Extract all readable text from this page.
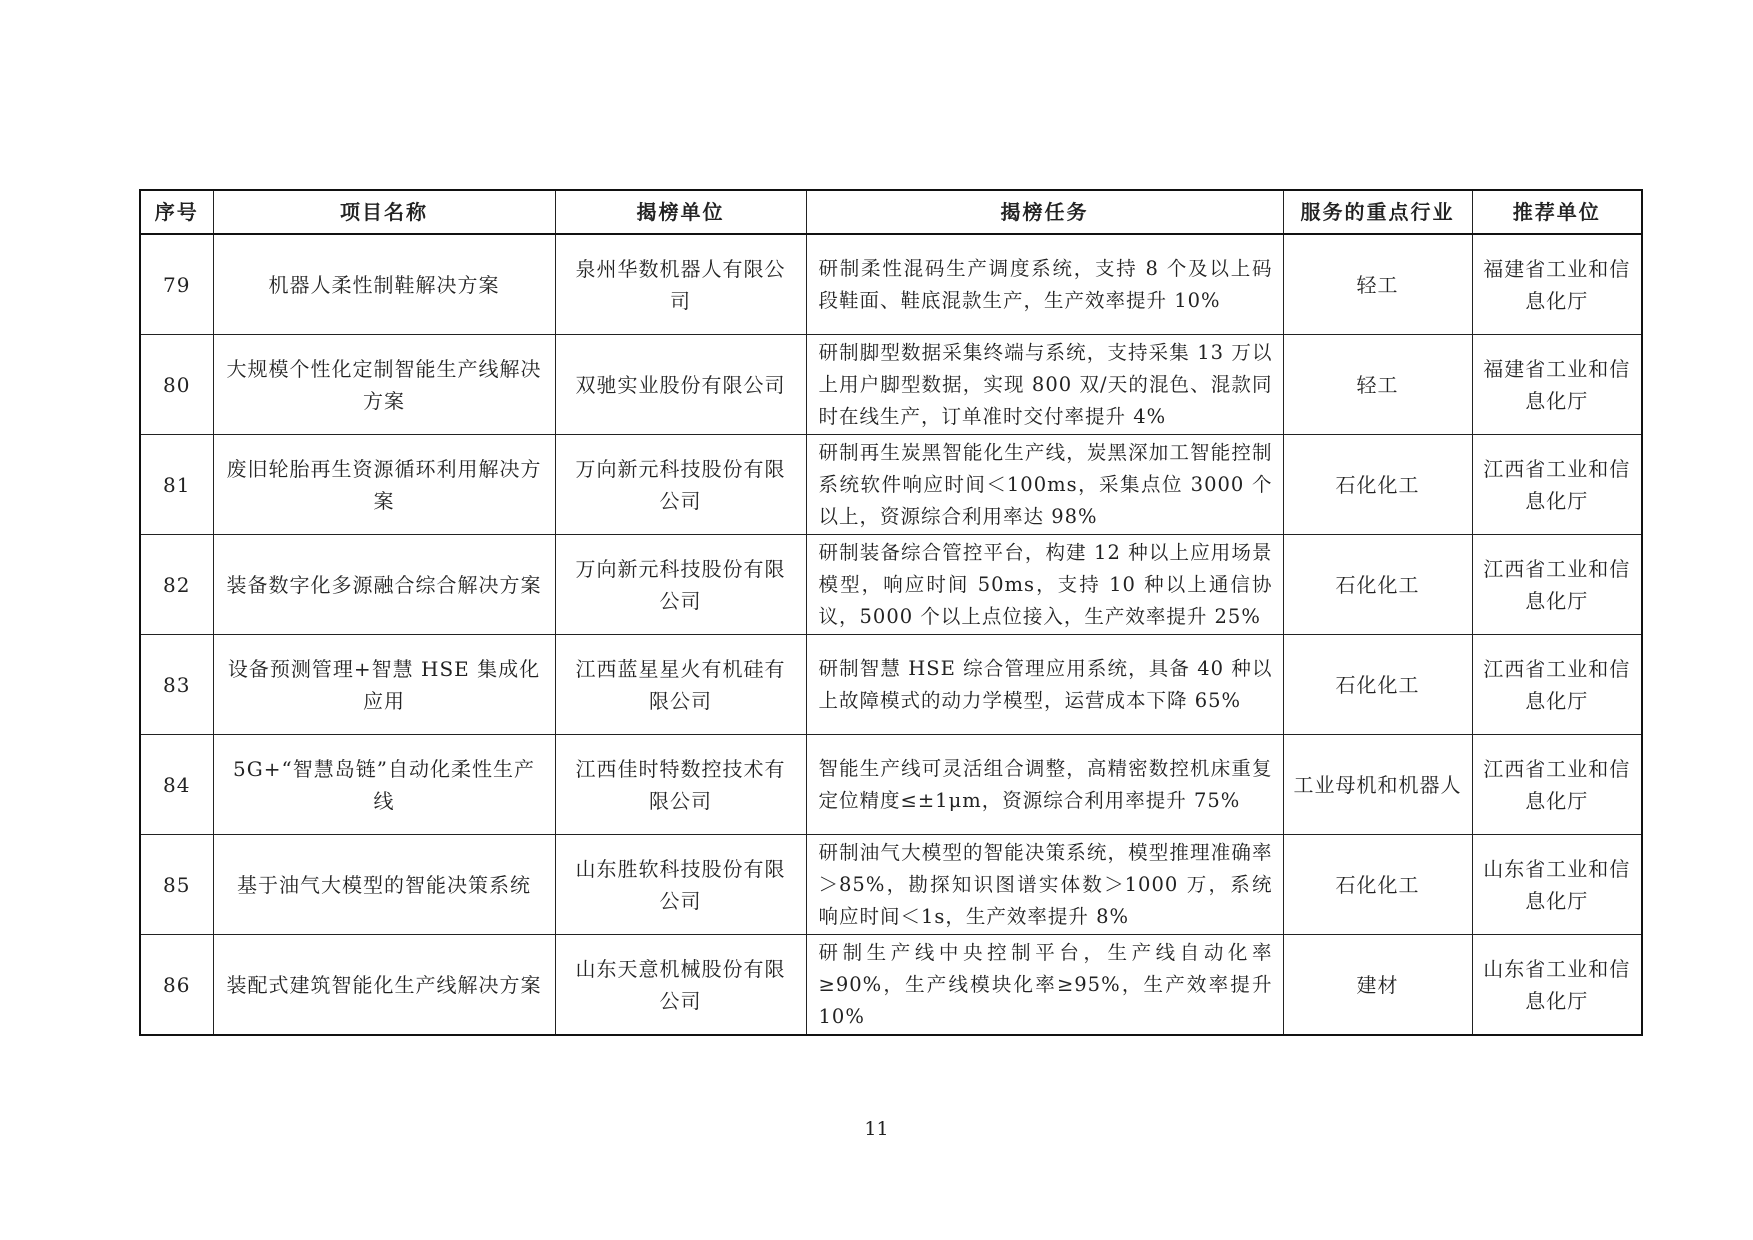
序号	项目名称	揭榜单位	揭榜任务	服务的重点行业	推荐单位
79	机器人柔性制鞋解决方案	泉州华数机器人有限公司	研制柔性混码生产调度系统，支持 8 个及以上码段鞋面、鞋底混款生产，生产效率提升 10%	轻工	福建省工业和信息化厅
80	大规模个性化定制智能生产线解决方案	双驰实业股份有限公司	研制脚型数据采集终端与系统，支持采集 13 万以上用户脚型数据，实现 800 双/天的混色、混款同时在线生产，订单准时交付率提升 4%	轻工	福建省工业和信息化厅
81	废旧轮胎再生资源循环利用解决方案	万向新元科技股份有限公司	研制再生炭黑智能化生产线，炭黑深加工智能控制系统软件响应时间＜100ms，采集点位 3000 个以上，资源综合利用率达 98%	石化化工	江西省工业和信息化厅
82	装备数字化多源融合综合解决方案	万向新元科技股份有限公司	研制装备综合管控平台，构建 12 种以上应用场景模型，响应时间 50ms，支持 10 种以上通信协议，5000 个以上点位接入，生产效率提升 25%	石化化工	江西省工业和信息化厅
83	设备预测管理+智慧 HSE 集成化应用	江西蓝星星火有机硅有限公司	研制智慧 HSE 综合管理应用系统，具备 40 种以上故障模式的动力学模型，运营成本下降 65%	石化化工	江西省工业和信息化厅
84	5G+“智慧岛链”自动化柔性生产线	江西佳时特数控技术有限公司	智能生产线可灵活组合调整，高精密数控机床重复定位精度≤±1μm，资源综合利用率提升 75%	工业母机和机器人	江西省工业和信息化厅
85	基于油气大模型的智能决策系统	山东胜软科技股份有限公司	研制油气大模型的智能决策系统，模型推理准确率＞85%，勘探知识图谱实体数＞1000 万，系统响应时间＜1s，生产效率提升 8%	石化化工	山东省工业和信息化厅
86	装配式建筑智能化生产线解决方案	山东天意机械股份有限公司	研制生产线中央控制平台，生产线自动化率≥90%，生产线模块化率≥95%，生产效率提升 10%	建材	山东省工业和信息化厅
11
